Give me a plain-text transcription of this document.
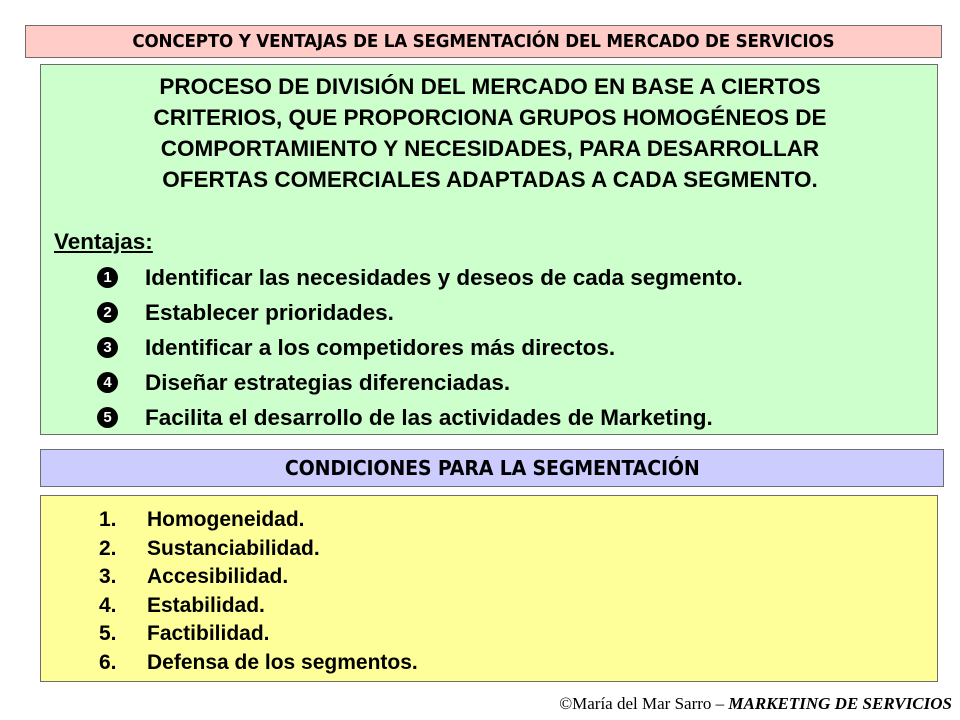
CONCEPTO Y VENTAJAS DE LA SEGMENTACIÓN DEL MERCADO DE SERVICIOS
PROCESO DE DIVISIÓN DEL MERCADO EN BASE A CIERTOS
CRITERIOS, QUE PROPORCIONA GRUPOS HOMOGÉNEOS DE
COMPORTAMIENTO Y NECESIDADES, PARA DESARROLLAR
OFERTAS COMERCIALES ADAPTADAS A CADA SEGMENTO.
Ventajas:
1 Identificar las necesidades y deseos de cada segmento.
2 Establecer prioridades.
3 Identificar a los competidores más directos.
4 Diseñar estrategias diferenciadas.
5 Facilita el desarrollo de las actividades de Marketing.
CONDICIONES PARA LA SEGMENTACIÓN
1.	Homogeneidad.
2.	Sustanciabilidad.
3.	Accesibilidad.
4.	Estabilidad.
5.	Factibilidad.
6.	Defensa de los segmentos.
©María del Mar Sarro – MARKETING DE SERVICIOS
